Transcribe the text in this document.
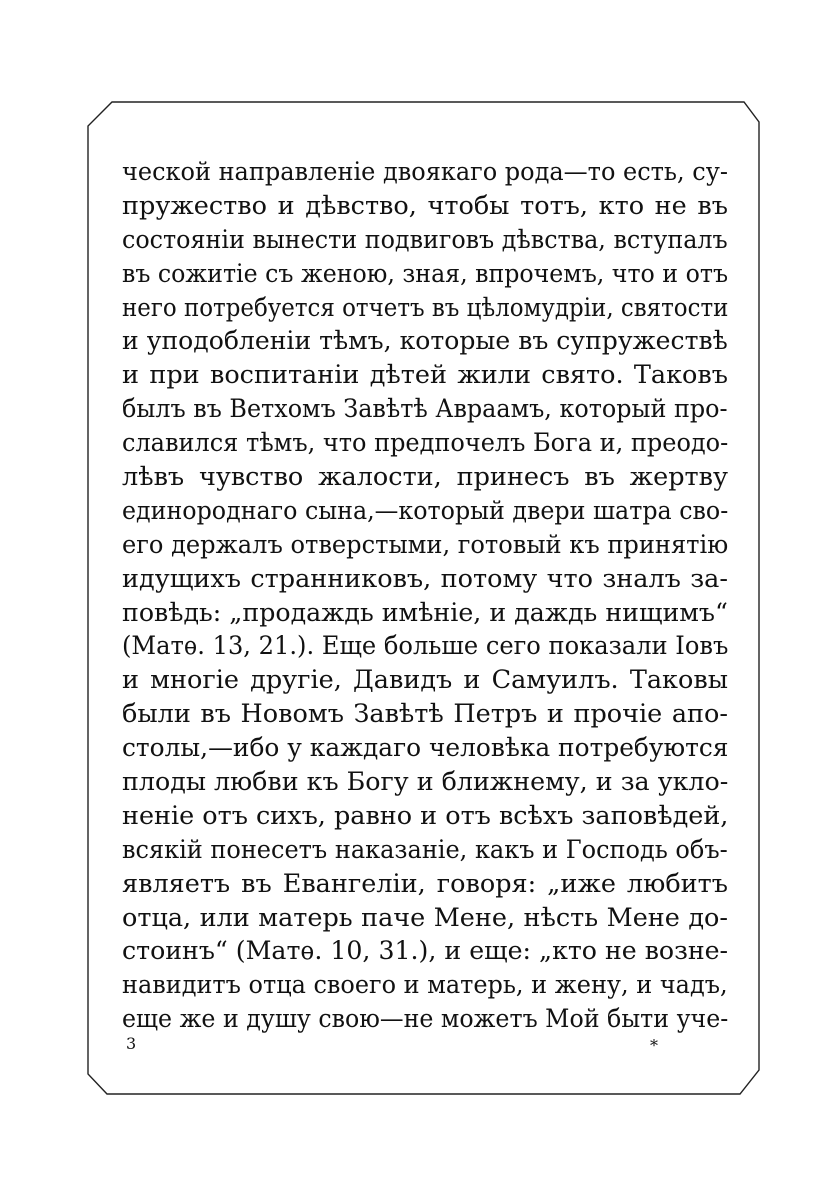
ческой направленіе двоякаго рода—то есть, су-
пружество и дѣвство, чтобы тотъ, кто не въ
состояніи вынести подвиговъ дѣвства, вступалъ
въ сожитіе съ женою, зная, впрочемъ, что и отъ
него потребуется отчетъ въ цѣломудріи, святости
и уподобленіи тѣмъ, которые въ супружествѣ
и при воспитаніи дѣтей жили свято. Таковъ
былъ въ Ветхомъ Завѣтѣ Авраамъ, который про-
славился тѣмъ, что предпочелъ Бога и, преодо-
лѣвъ чувство жалости, принесъ въ жертву
единороднаго сына,—который двери шатра сво-
его держалъ отверстыми, готовый къ принятію
идущихъ странниковъ, потому что зналъ за-
повѣдь: „продаждь имѣніе, и даждь нищимъ“
(Матѳ. 13, 21.). Еще больше сего показали Іовъ
и многіе другіе, Давидъ и Самуилъ. Таковы
были въ Новомъ Завѣтѣ Петръ и прочіе апо-
столы,—ибо у каждаго человѣка потребуются
плоды любви къ Богу и ближнему, и за укло-
неніе отъ сихъ, равно и отъ всѣхъ заповѣдей,
всякій понесетъ наказаніе, какъ и Господь объ-
являетъ въ Евангеліи, говоря: „иже любитъ
отца, или матерь паче Мене, нѣсть Мене до-
стоинъ“ (Матѳ. 10, 31.), и еще: „кто не возне-
навидитъ отца своего и матерь, и жену, и чадъ,
еще же и душу свою—не можетъ Мой быти уче-
3	*
